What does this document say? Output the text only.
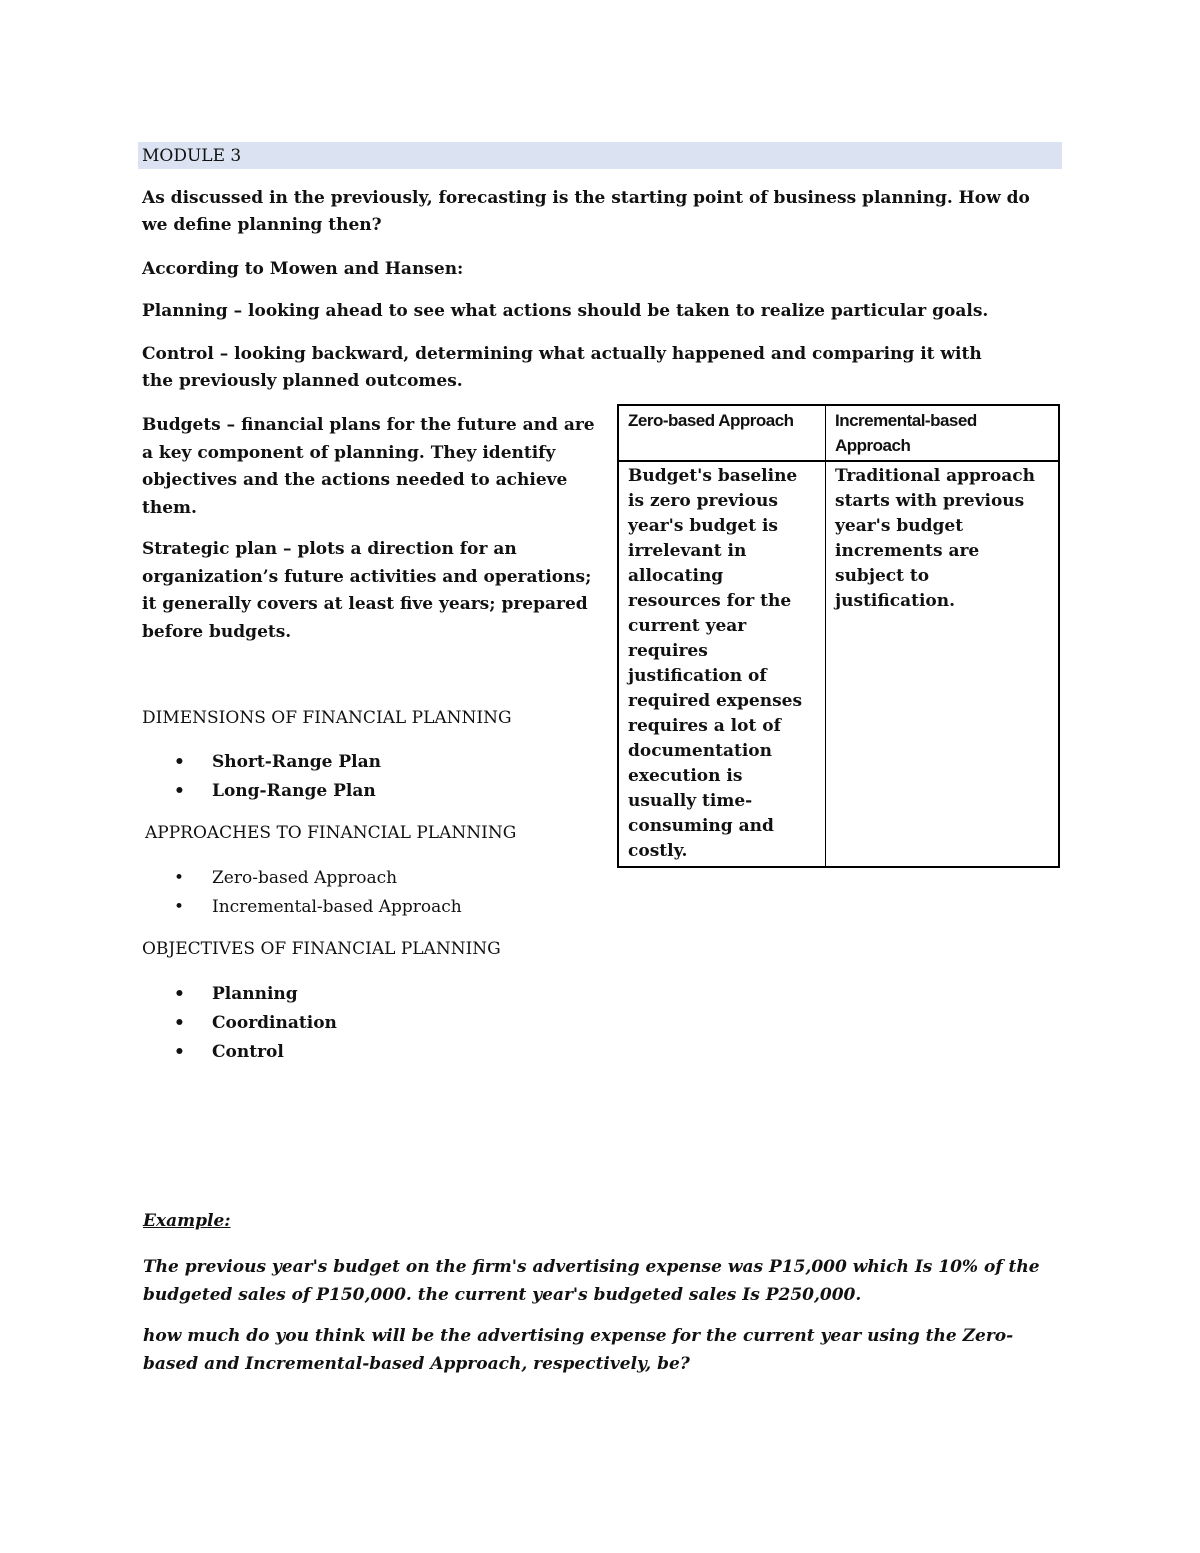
MODULE 3
As discussed in the previously, forecasting is the starting point of business planning. How do we define planning then?
According to Mowen and Hansen:
Planning – looking ahead to see what actions should be taken to realize particular goals.
Control – looking backward, determining what actually happened and comparing it with the previously planned outcomes.
Budgets – financial plans for the future and are a key component of planning. They identify objectives and the actions needed to achieve them.
Strategic plan – plots a direction for an organization’s future activities and operations; it generally covers at least five years; prepared before budgets.
Zero-based Approach	Incremental-based Approach
Budget's baseline is zero previous year's budget is irrelevant in allocating resources for the current year requires justification of required expenses requires a lot of documentation execution is usually time-consuming and costly.	Traditional approach starts with previous year's budget increments are subject to justification.
DIMENSIONS OF FINANCIAL PLANNING
• Short-Range Plan
• Long-Range Plan
APPROACHES TO FINANCIAL PLANNING
• Zero-based Approach
• Incremental-based Approach
OBJECTIVES OF FINANCIAL PLANNING
• Planning
• Coordination
• Control
Example:
The previous year's budget on the firm's advertising expense was P15,000 which Is 10% of the budgeted sales of P150,000. the current year's budgeted sales Is P250,000.
how much do you think will be the advertising expense for the current year using the Zero-based and Incremental-based Approach, respectively, be?
